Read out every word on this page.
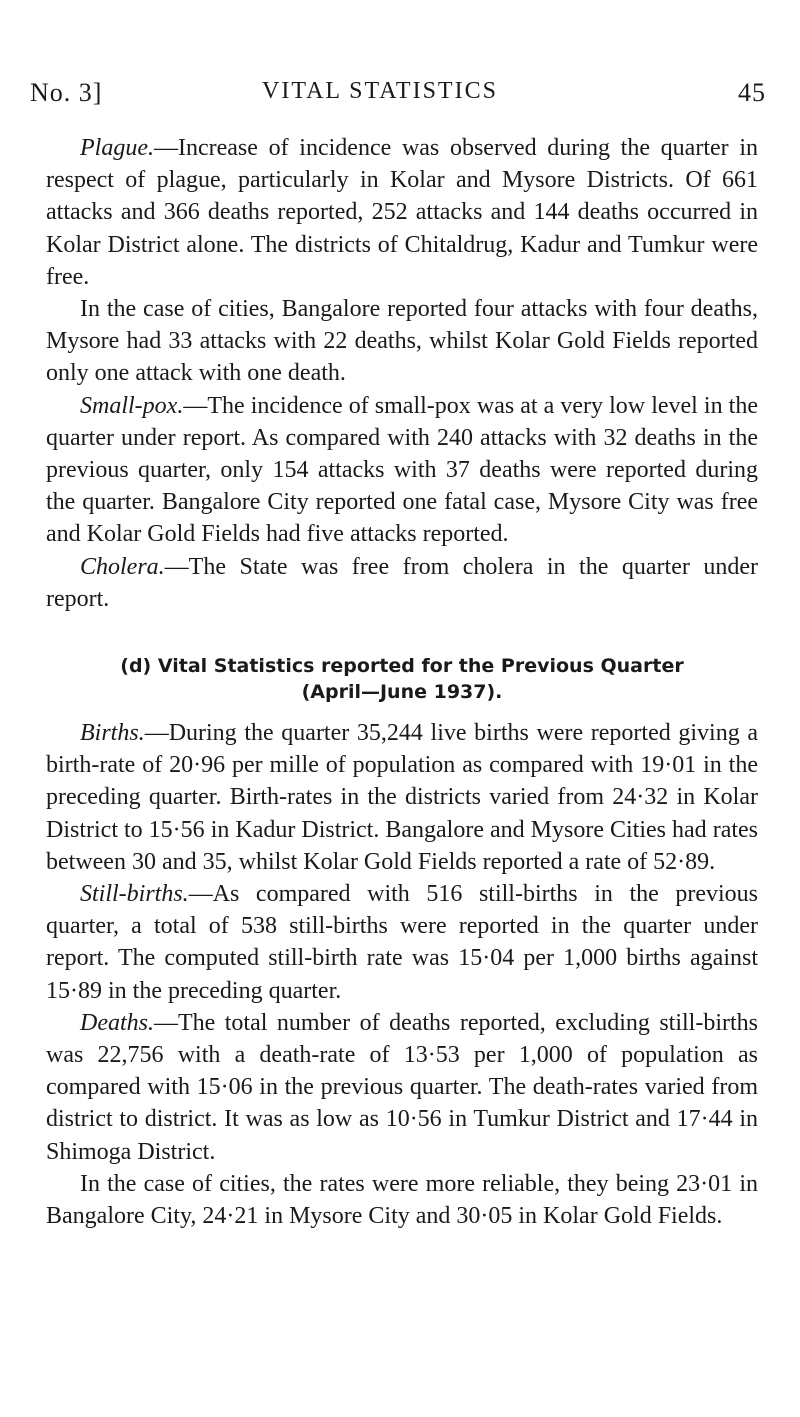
No. 3]	VITAL STATISTICS	45

Plague.—Increase of incidence was observed during the quarter in respect of plague, particularly in Kolar and Mysore Districts. Of 661 attacks and 366 deaths reported, 252 attacks and 144 deaths occurred in Kolar District alone. The districts of Chitaldrug, Kadur and Tumkur were free.

In the case of cities, Bangalore reported four attacks with four deaths, Mysore had 33 attacks with 22 deaths, whilst Kolar Gold Fields reported only one attack with one death.

Small-pox.—The incidence of small-pox was at a very low level in the quarter under report. As compared with 240 attacks with 32 deaths in the previous quarter, only 154 attacks with 37 deaths were reported during the quarter. Bangalore City reported one fatal case, Mysore City was free and Kolar Gold Fields had five attacks reported.

Cholera.—The State was free from cholera in the quarter under report.

(d) Vital Statistics reported for the Previous Quarter
(April—June 1937).

Births.—During the quarter 35,244 live births were reported giving a birth-rate of 20·96 per mille of population as compared with 19·01 in the preceding quarter. Birth-rates in the districts varied from 24·32 in Kolar District to 15·56 in Kadur District. Bangalore and Mysore Cities had rates between 30 and 35, whilst Kolar Gold Fields reported a rate of 52·89.

Still-births.—As compared with 516 still-births in the previous quarter, a total of 538 still-births were reported in the quarter under report. The computed still-birth rate was 15·04 per 1,000 births against 15·89 in the preceding quarter.

Deaths.—The total number of deaths reported, excluding still-births was 22,756 with a death-rate of 13·53 per 1,000 of population as compared with 15·06 in the previous quarter. The death-rates varied from district to district. It was as low as 10·56 in Tumkur District and 17·44 in Shimoga District.

In the case of cities, the rates were more reliable, they being 23·01 in Bangalore City, 24·21 in Mysore City and 30·05 in Kolar Gold Fields.
